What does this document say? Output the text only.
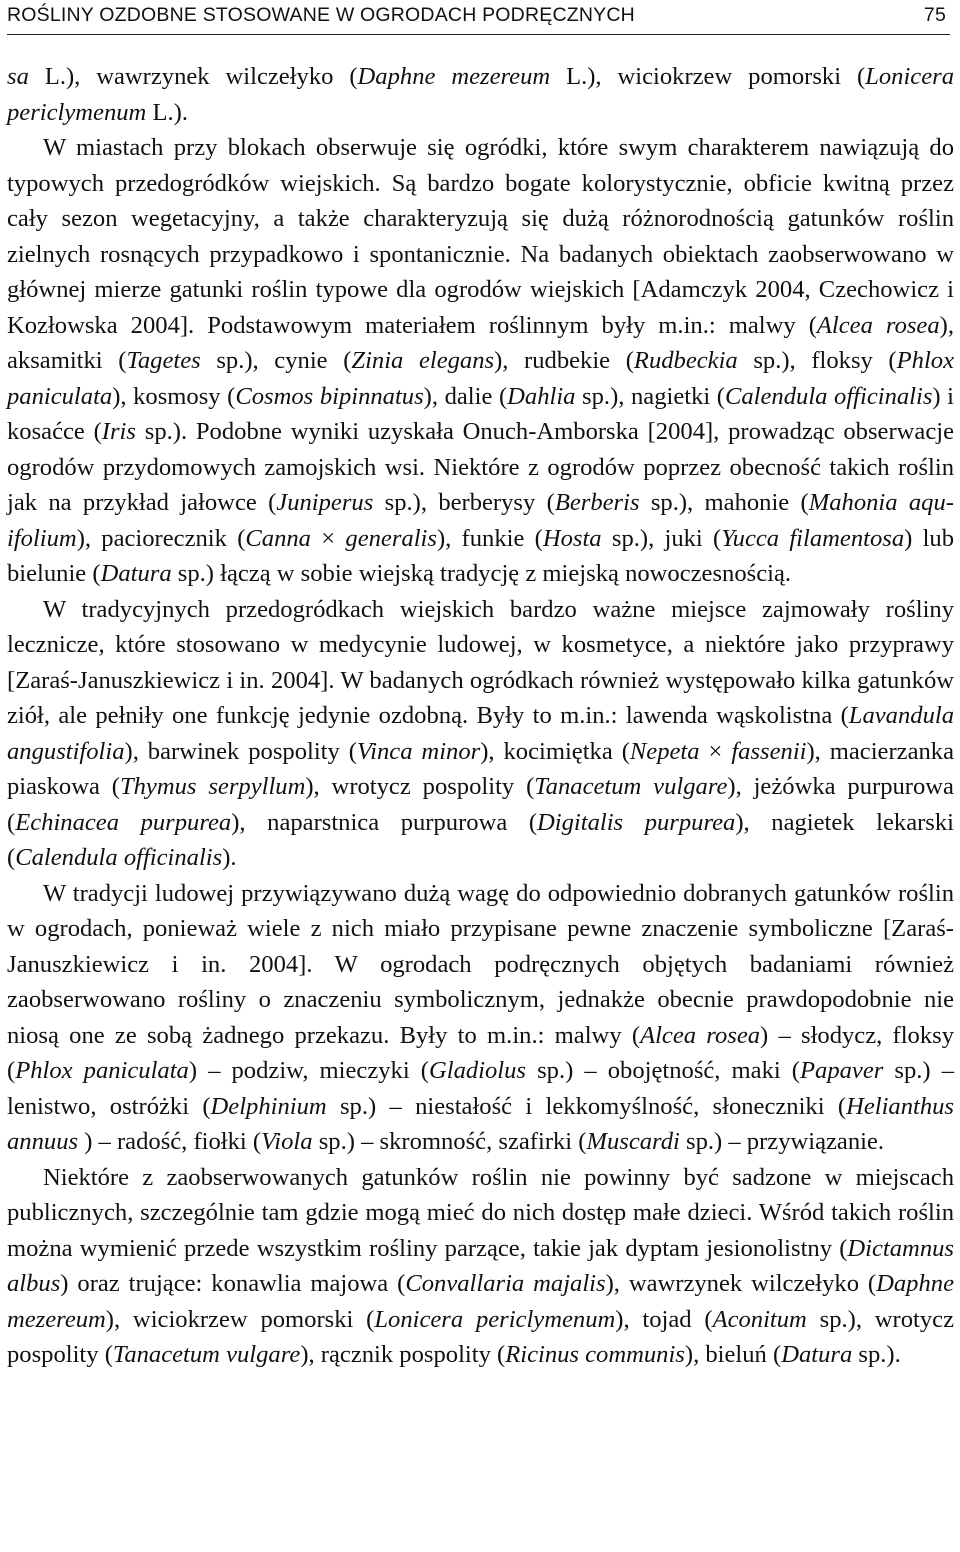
ROŚLINY OZDOBNE STOSOWANE W OGRODACH PODRĘCZNYCH	75

sa L.), wawrzynek wilczełyko (Daphne mezereum L.), wiciokrzew pomorski (Lonicera periclymenum L.).

W miastach przy blokach obserwuje się ogródki, które swym charakterem nawiązują do typowych przedogródków wiejskich. Są bardzo bogate kolorystycznie, obficie kwitną przez cały sezon wegetacyjny, a także charakteryzują się dużą różnorodnością gatunków roślin zielnych rosnących przypadkowo i spontanicznie. Na badanych obiektach zaobserwowano w głównej mierze gatunki roślin typowe dla ogrodów wiejskich [Adamczyk 2004, Czechowicz i Kozłowska 2004]. Podstawowym materiałem roślinnym były m.in.: malwy (Alcea rosea), aksamitki (Tagetes sp.), cynie (Zinia elegans), rudbekie (Rudbeckia sp.), floksy (Phlox paniculata), kosmosy (Cosmos bipinnatus), dalie (Dahlia sp.), nagietki (Calendula officinalis) i kosaćce (Iris sp.). Podobne wyniki uzyskała Onuch-Amborska [2004], prowadząc obserwacje ogrodów przydomowych zamojskich wsi. Niektóre z ogrodów poprzez obecność takich roślin jak na przykład jałowce (Juniperus sp.), berberysy (Berberis sp.), mahonie (Mahonia aquifolium), paciorecznik (Canna × generalis), funkie (Hosta sp.), juki (Yucca filamentosa) lub bielunie (Datura sp.) łączą w sobie wiejską tradycję z miejską nowoczesnością.

W tradycyjnych przedogródkach wiejskich bardzo ważne miejsce zajmowały rośliny lecznicze, które stosowano w medycynie ludowej, w kosmetyce, a niektóre jako przyprawy [Zaraś-Januszkiewicz i in. 2004]. W badanych ogródkach również występowało kilka gatunków ziół, ale pełniły one funkcję jedynie ozdobną. Były to m.in.: lawenda wąskolistna (Lavandula angustifolia), barwinek pospolity (Vinca minor), kocimiętka (Nepeta × fassenii), macierzanka piaskowa (Thymus serpyllum), wrotycz pospolity (Tanacetum vulgare), jeżówka purpurowa (Echinacea purpurea), naparstnica purpurowa (Digitalis purpurea), nagietek lekarski (Calendula officinalis).

W tradycji ludowej przywiązywano dużą wagę do odpowiednio dobranych gatunków roślin w ogrodach, ponieważ wiele z nich miało przypisane pewne znaczenie symboliczne [Zaraś-Januszkiewicz i in. 2004]. W ogrodach podręcznych objętych badaniami również zaobserwowano rośliny o znaczeniu symbolicznym, jednakże obecnie prawdopodobnie nie niosą one ze sobą żadnego przekazu. Były to m.in.: malwy (Alcea rosea) – słodycz, floksy (Phlox paniculata) – podziw, mieczyki (Gladiolus sp.) – obojętność, maki (Papaver sp.) – lenistwo, ostróżki (Delphinium sp.) – niestałość i lekkomyślność, słoneczniki (Helianthus annuus ) – radość, fiołki (Viola sp.) – skromność, szafirki (Muscardi sp.) – przywiązanie.

Niektóre z zaobserwowanych gatunków roślin nie powinny być sadzone w miejscach publicznych, szczególnie tam gdzie mogą mieć do nich dostęp małe dzieci. Wśród takich roślin można wymienić przede wszystkim rośliny parzące, takie jak dyptam jesionolistny (Dictamnus albus) oraz trujące: konawlia majowa (Convallaria majalis), wawrzynek wilczełyko (Daphne mezereum), wiciokrzew pomorski (Lonicera periclymenum), tojad (Aconitum sp.), wrotycz pospolity (Tanacetum vulgare), rącznik pospolity (Ricinus communis), bieluń (Datura sp.).
